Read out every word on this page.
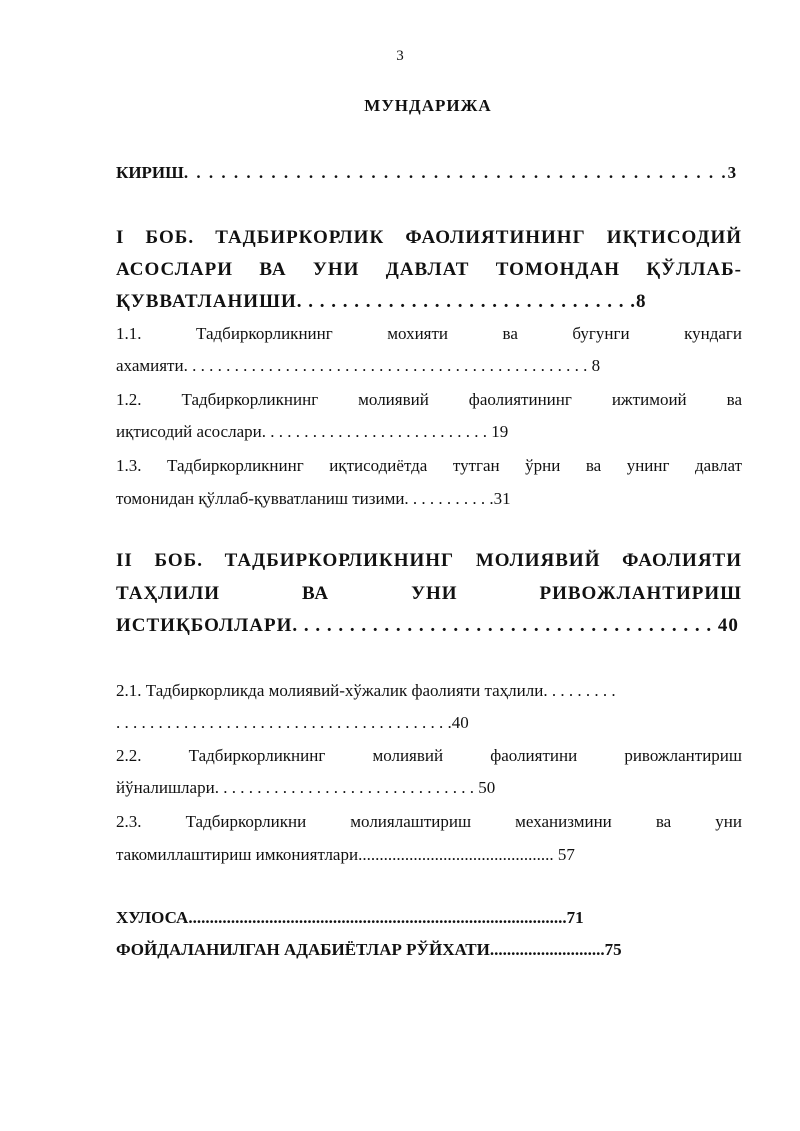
3
МУНДАРИЖА
КИРИШ. . . . . . . . . . . . . . . . . . . . . . . . . . . . . . . . . . . . . . . . . . . .3
I БОБ. ТАДБИРКОРЛИК ФАОЛИЯТИНИНГ ИҚТИСОДИЙ
АСОСЛАРИ ВА УНИ ДАВЛАТ ТОМОНДАН ҚЎЛЛАБ-
ҚУВВАТЛАНИШИ. . . . . . . . . . . . . . . . . . . . . . . . . . . . . .8
1.1. Тадбиркорликнинг мохияти ва бугунги кундаги
ахамияти. . . . . . . . . . . . . . . . . . . . . . . . . . . . . . . . . . . . . . . . . . . . . . . . 8
1.2. Тадбиркорликнинг молиявий фаолиятининг ижтимоий ва
иқтисодий асослари. . . . . . . . . . . . . . . . . . . . . . . . . . . 19
1.3. Тадбиркорликнинг иқтисодиётда тутган ўрни ва унинг давлат
томонидан қўллаб-қувватланиш тизими. . . . . . . . . . .31
II БОБ. ТАДБИРКОРЛИКНИНГ МОЛИЯВИЙ ФАОЛИЯТИ
ТАҲЛИЛИ ВА УНИ РИВОЖЛАНТИРИШ
ИСТИҚБОЛЛАРИ. . . . . . . . . . . . . . . . . . . . . . . . . . . . . . . . . . . . . 40
2.1. Тадбиркорликда молиявий-хўжалик фаолияти таҳлили. . . . . . . . .
. . . . . . . . . . . . . . . . . . . . . . . . . . . . . . . . . . . . . . . .40
2.2. Тадбиркорликнинг молиявий фаолиятини ривожлантириш
йўналишлари. . . . . . . . . . . . . . . . . . . . . . . . . . . . . . . 50
2.3. Тадбиркорликни молиялаштириш механизмини ва уни
такомиллаштириш имкониятлари.............................................. 57
ХУЛОСА.........................................................................................71
ФОЙДАЛАНИЛГАН АДАБИЁТЛАР РЎЙХАТИ...........................75
